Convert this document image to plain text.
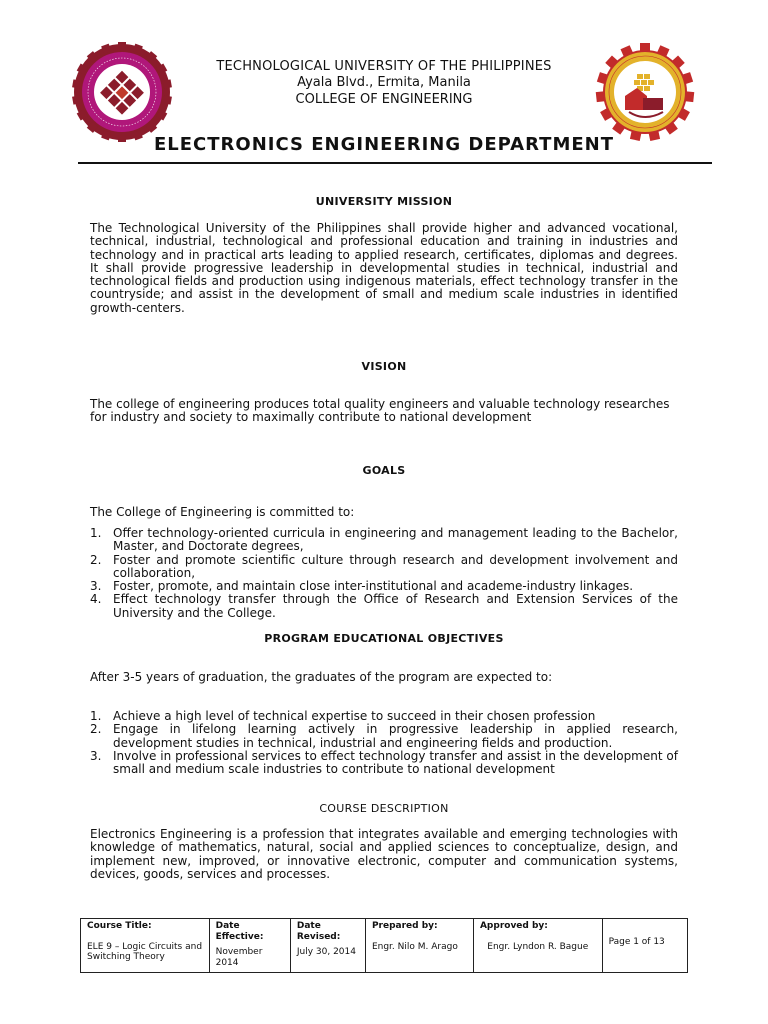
TECHNOLOGICAL UNIVERSITY OF THE PHILIPPINES
Ayala Blvd., Ermita, Manila
COLLEGE OF ENGINEERING
ELECTRONICS ENGINEERING DEPARTMENT
UNIVERSITY MISSION
The Technological University of the Philippines shall provide higher and advanced vocational, technical, industrial, technological and professional education and training in industries and technology and in practical arts leading to applied research, certificates, diplomas and degrees. It shall provide progressive leadership in developmental studies in technical, industrial and technological fields and production using indigenous materials, effect technology transfer in the countryside; and assist in the development of small and medium scale industries in identified growth-centers.
VISION
The college of engineering produces total quality engineers and valuable technology researches for industry and society to maximally contribute to national development
GOALS
The College of Engineering is committed to:
1. Offer technology-oriented curricula in engineering and management leading to the Bachelor, Master, and Doctorate degrees,
2. Foster and promote scientific culture through research and development involvement and collaboration,
3. Foster, promote, and maintain close inter-institutional and academe-industry linkages.
4. Effect technology transfer through the Office of Research and Extension Services of the University and the College.
PROGRAM EDUCATIONAL OBJECTIVES
After 3-5 years of graduation, the graduates of the program are expected to:
1. Achieve a high level of technical expertise to succeed in their chosen profession
2. Engage in lifelong learning actively in progressive leadership in applied research, development studies in technical, industrial and engineering fields and production.
3. Involve in professional services to effect technology transfer and assist in the development of small and medium scale industries to contribute to national development
COURSE DESCRIPTION
Electronics Engineering is a profession that integrates available and emerging technologies with knowledge of mathematics, natural, social and applied sciences to conceptualize, design, and implement new, improved, or innovative electronic, computer and communication systems, devices, goods, services and processes.
Course Title:
ELE 9 – Logic Circuits and Switching Theory

Date Effective:
November 2014

Date Revised:
July 30, 2014

Prepared by:
Engr. Nilo M. Arago

Approved by:
Engr. Lyndon R. Bague	Page 1 of 13
